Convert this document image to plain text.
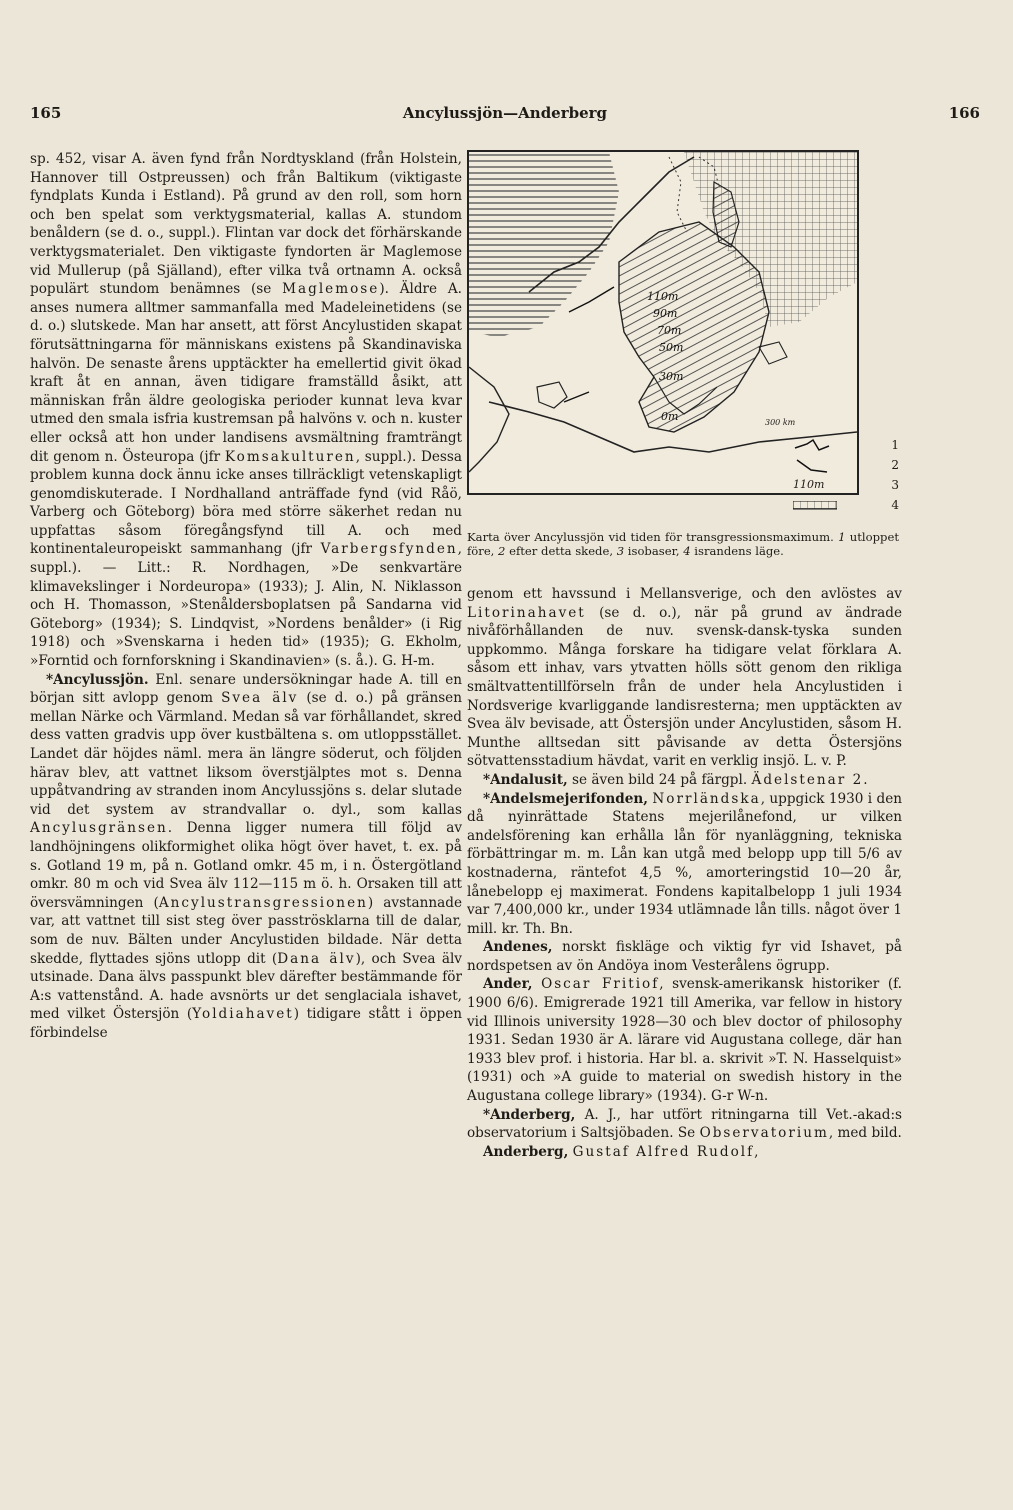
165	Ancylussjön—Anderberg	166

sp. 452, visar A. även fynd från Nordtyskland (från Holstein, Hannover till Ostpreussen) och från Baltikum (viktigaste fyndplats Kunda i Estland). På grund av den roll, som horn och ben spelat som verktygsmaterial, kallas A. stundom benåldern (se d. o., suppl.). Flintan var dock det förhärskande verktygsmaterialet. Den viktigaste fyndorten är Maglemose vid Mullerup (på Själland), efter vilka två ortnamn A. också populärt stundom benämnes (se Maglemose). Äldre A. anses numera alltmer sammanfalla med Madeleinetidens (se d. o.) slutskede. Man har ansett, att först Ancylustiden skapat förutsättningarna för människans existens på Skandinaviska halvön. De senaste årens upptäckter ha emellertid givit ökad kraft åt en annan, även tidigare framställd åsikt, att människan från äldre geologiska perioder kunnat leva kvar utmed den smala isfria kustremsan på halvöns v. och n. kuster eller också att hon under landisens avsmältning framträngt dit genom n. Östeuropa (jfr Komsakulturen, suppl.). Dessa problem kunna dock ännu icke anses tillräckligt vetenskapligt genomdiskuterade. I Nordhalland anträffade fynd (vid Råö, Varberg och Göteborg) böra med större säkerhet redan nu uppfattas såsom föregångsfynd till A. och med kontinentaleuropeiskt sammanhang (jfr Varbergsfynden, suppl.). — Litt.: R. Nordhagen, »De senkvartäre klimavekslinger i Nordeuropa» (1933); J. Alin, N. Niklasson och H. Thomasson, »Stenåldersboplatsen på Sandarna vid Göteborg» (1934); S. Lindqvist, »Nordens benålder» (i Rig 1918) och »Svenskarna i heden tid» (1935); G. Ekholm, »Forntid och fornforskning i Skandinavien» (s. å.). G. H-m.

*Ancylussjön. Enl. senare undersökningar hade A. till en början sitt avlopp genom Svea älv (se d. o.) på gränsen mellan Närke och Värmland. Medan så var förhållandet, skred dess vatten gradvis upp över kustbältena s. om utloppsstället. Landet där höjdes näml. mera än längre söderut, och följden härav blev, att vattnet liksom överstjälptes mot s. Denna uppåtvandring av stranden inom Ancylussjöns s. delar slutade vid det system av strandvallar o. dyl., som kallas Ancylusgränsen. Denna ligger numera till följd av landhöjningens olikformighet olika högt över havet, t. ex. på s. Gotland 19 m, på n. Gotland omkr. 45 m, i n. Östergötland omkr. 80 m och vid Svea älv 112—115 m ö. h. Orsaken till att översvämningen (Ancylustransgressionen) avstannade var, att vattnet till sist steg över pasströsklarna till de dalar, som de nuv. Bälten under Ancylustiden bildade. När detta skedde, flyttades sjöns utlopp dit (Dana älv), och Svea älv utsinade. Dana älvs passpunkt blev därefter bestämmande för A:s vattenstånd. A. hade avsnörts ur det senglaciala ishavet, med vilket Östersjön (Yoldiahavet) tidigare stått i öppen förbindelse

110m
90m
70m
50m
30m
0m	300 km
1
2
110m	3
4
Karta över Ancylussjön vid tiden för transgressionsmaximum. 1 utloppet före, 2 efter detta skede, 3 isobaser, 4 israndens läge.

genom ett havssund i Mellansverige, och den avlöstes av Litorinahavet (se d. o.), när på grund av ändrade nivåförhållanden de nuv. svensk-dansk-tyska sunden uppkommo. Många forskare ha tidigare velat förklara A. såsom ett inhav, vars ytvatten hölls sött genom den rikliga smältvattentillförseln från de under hela Ancylustiden i Nordsverige kvarliggande landisresterna; men upptäckten av Svea älv bevisade, att Östersjön under Ancylustiden, såsom H. Munthe alltsedan sitt påvisande av detta Östersjöns sötvattensstadium hävdat, varit en verklig insjö. L. v. P.

*Andalusit, se även bild 24 på färgpl. Ädelstenar 2.

*Andelsmejerifonden, Norrländska, uppgick 1930 i den då nyinrättade Statens mejerilånefond, ur vilken andelsförening kan erhålla lån för nyanläggning, tekniska förbättringar m. m. Lån kan utgå med belopp upp till 5/6 av kostnaderna, räntefot 4,5 %, amorteringstid 10—20 år, lånebelopp ej maximerat. Fondens kapitalbelopp 1 juli 1934 var 7,400,000 kr., under 1934 utlämnade lån tills. något över 1 mill. kr. Th. Bn.

Andenes, norskt fiskläge och viktig fyr vid Ishavet, på nordspetsen av ön Andöya inom Vesterålens ögrupp.

Ander, Oscar Fritiof, svensk-amerikansk historiker (f. 1900 6/6). Emigrerade 1921 till Amerika, var fellow in history vid Illinois university 1928—30 och blev doctor of philosophy 1931. Sedan 1930 är A. lärare vid Augustana college, där han 1933 blev prof. i historia. Har bl. a. skrivit »T. N. Hasselquist» (1931) och »A guide to material on swedish history in the Augustana college library» (1934). G-r W-n.

*Anderberg, A. J., har utfört ritningarna till Vet.-akad:s observatorium i Saltsjöbaden. Se Observatorium, med bild.

Anderberg, Gustaf Alfred Rudolf,
